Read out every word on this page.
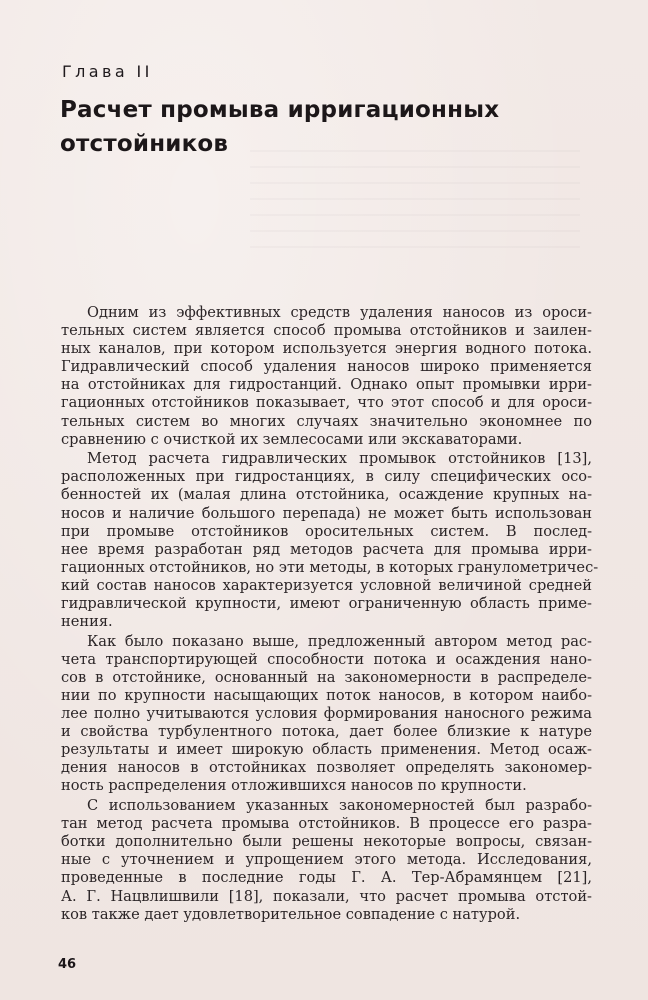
Глава II
Расчет промыва ирригационных
отстойников
Одним из эффективных средств удаления наносов из ороси-
тельных систем является способ промыва отстойников и заилен-
ных каналов, при котором используется энергия водного потока.
Гидравлический способ удаления наносов широко применяется
на отстойниках для гидростанций. Однако опыт промывки ирри-
гационных отстойников показывает, что этот способ и для ороси-
тельных систем во многих случаях значительно экономнее по
сравнению с очисткой их землесосами или экскаваторами.
Метод расчета гидравлических промывок отстойников [13],
расположенных при гидростанциях, в силу специфических осо-
бенностей их (малая длина отстойника, осаждение крупных на-
носов и наличие большого перепада) не может быть использован
при промыве отстойников оросительных систем. В послед-
нее время разработан ряд методов расчета для промыва ирри-
гационных отстойников, но эти методы, в которых гранулометричес-
кий состав наносов характеризуется условной величиной средней
гидравлической крупности, имеют ограниченную область приме-
нения.
Как было показано выше, предложенный автором метод рас-
чета транспортирующей способности потока и осаждения нано-
сов в отстойнике, основанный на закономерности в распределе-
нии по крупности насыщающих поток наносов, в котором наибо-
лее полно учитываются условия формирования наносного режима
и свойства турбулентного потока, дает более близкие к натуре
результаты и имеет широкую область применения. Метод осаж-
дения наносов в отстойниках позволяет определять закономер-
ность распределения отложившихся наносов по крупности.
С использованием указанных закономерностей был разрабо-
тан метод расчета промыва отстойников. В процессе его разра-
ботки дополнительно были решены некоторые вопросы, связан-
ные с уточнением и упрощением этого метода. Исследования,
проведенные в последние годы Г. А. Тер-Абрамянцем [21],
А. Г. Нацвлишвили [18], показали, что расчет промыва отстой-
ков также дает удовлетворительное совпадение с натурой.
46
